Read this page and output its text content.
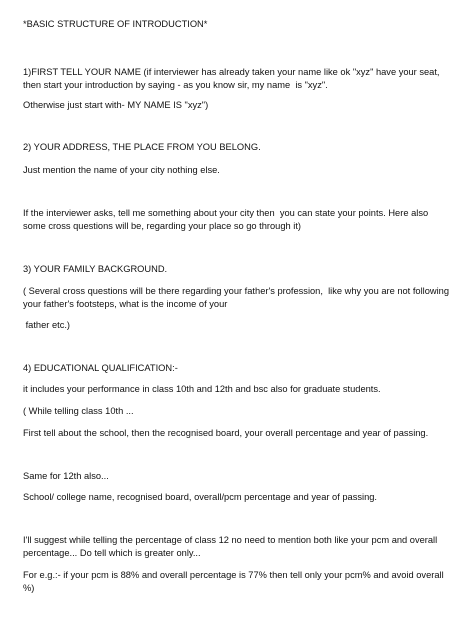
*BASIC STRUCTURE OF INTRODUCTION*

1)FIRST TELL YOUR NAME (if interviewer has already taken your name like ok "xyz" have your seat, then start your introduction by saying - as you know sir, my name  is "xyz".

Otherwise just start with- MY NAME IS "xyz")

2) YOUR ADDRESS, THE PLACE FROM YOU BELONG.

Just mention the name of your city nothing else.

If the interviewer asks, tell me something about your city then  you can state your points. Here also some cross questions will be, regarding your place so go through it)

3) YOUR FAMILY BACKGROUND.

( Several cross questions will be there regarding your father's profession,  like why you are not following your father's footsteps, what is the income of your

father etc.)

4) EDUCATIONAL QUALIFICATION:-

it includes your performance in class 10th and 12th and bsc also for graduate students.

( While telling class 10th ...

First tell about the school, then the recognised board, your overall percentage and year of passing.

Same for 12th also...

School/ college name, recognised board, overall/pcm percentage and year of passing.

I'll suggest while telling the percentage of class 12 no need to mention both like your pcm and overall percentage... Do tell which is greater only...

For e.g.:- if your pcm is 88% and overall percentage is 77% then tell only your pcm% and avoid overall %)
